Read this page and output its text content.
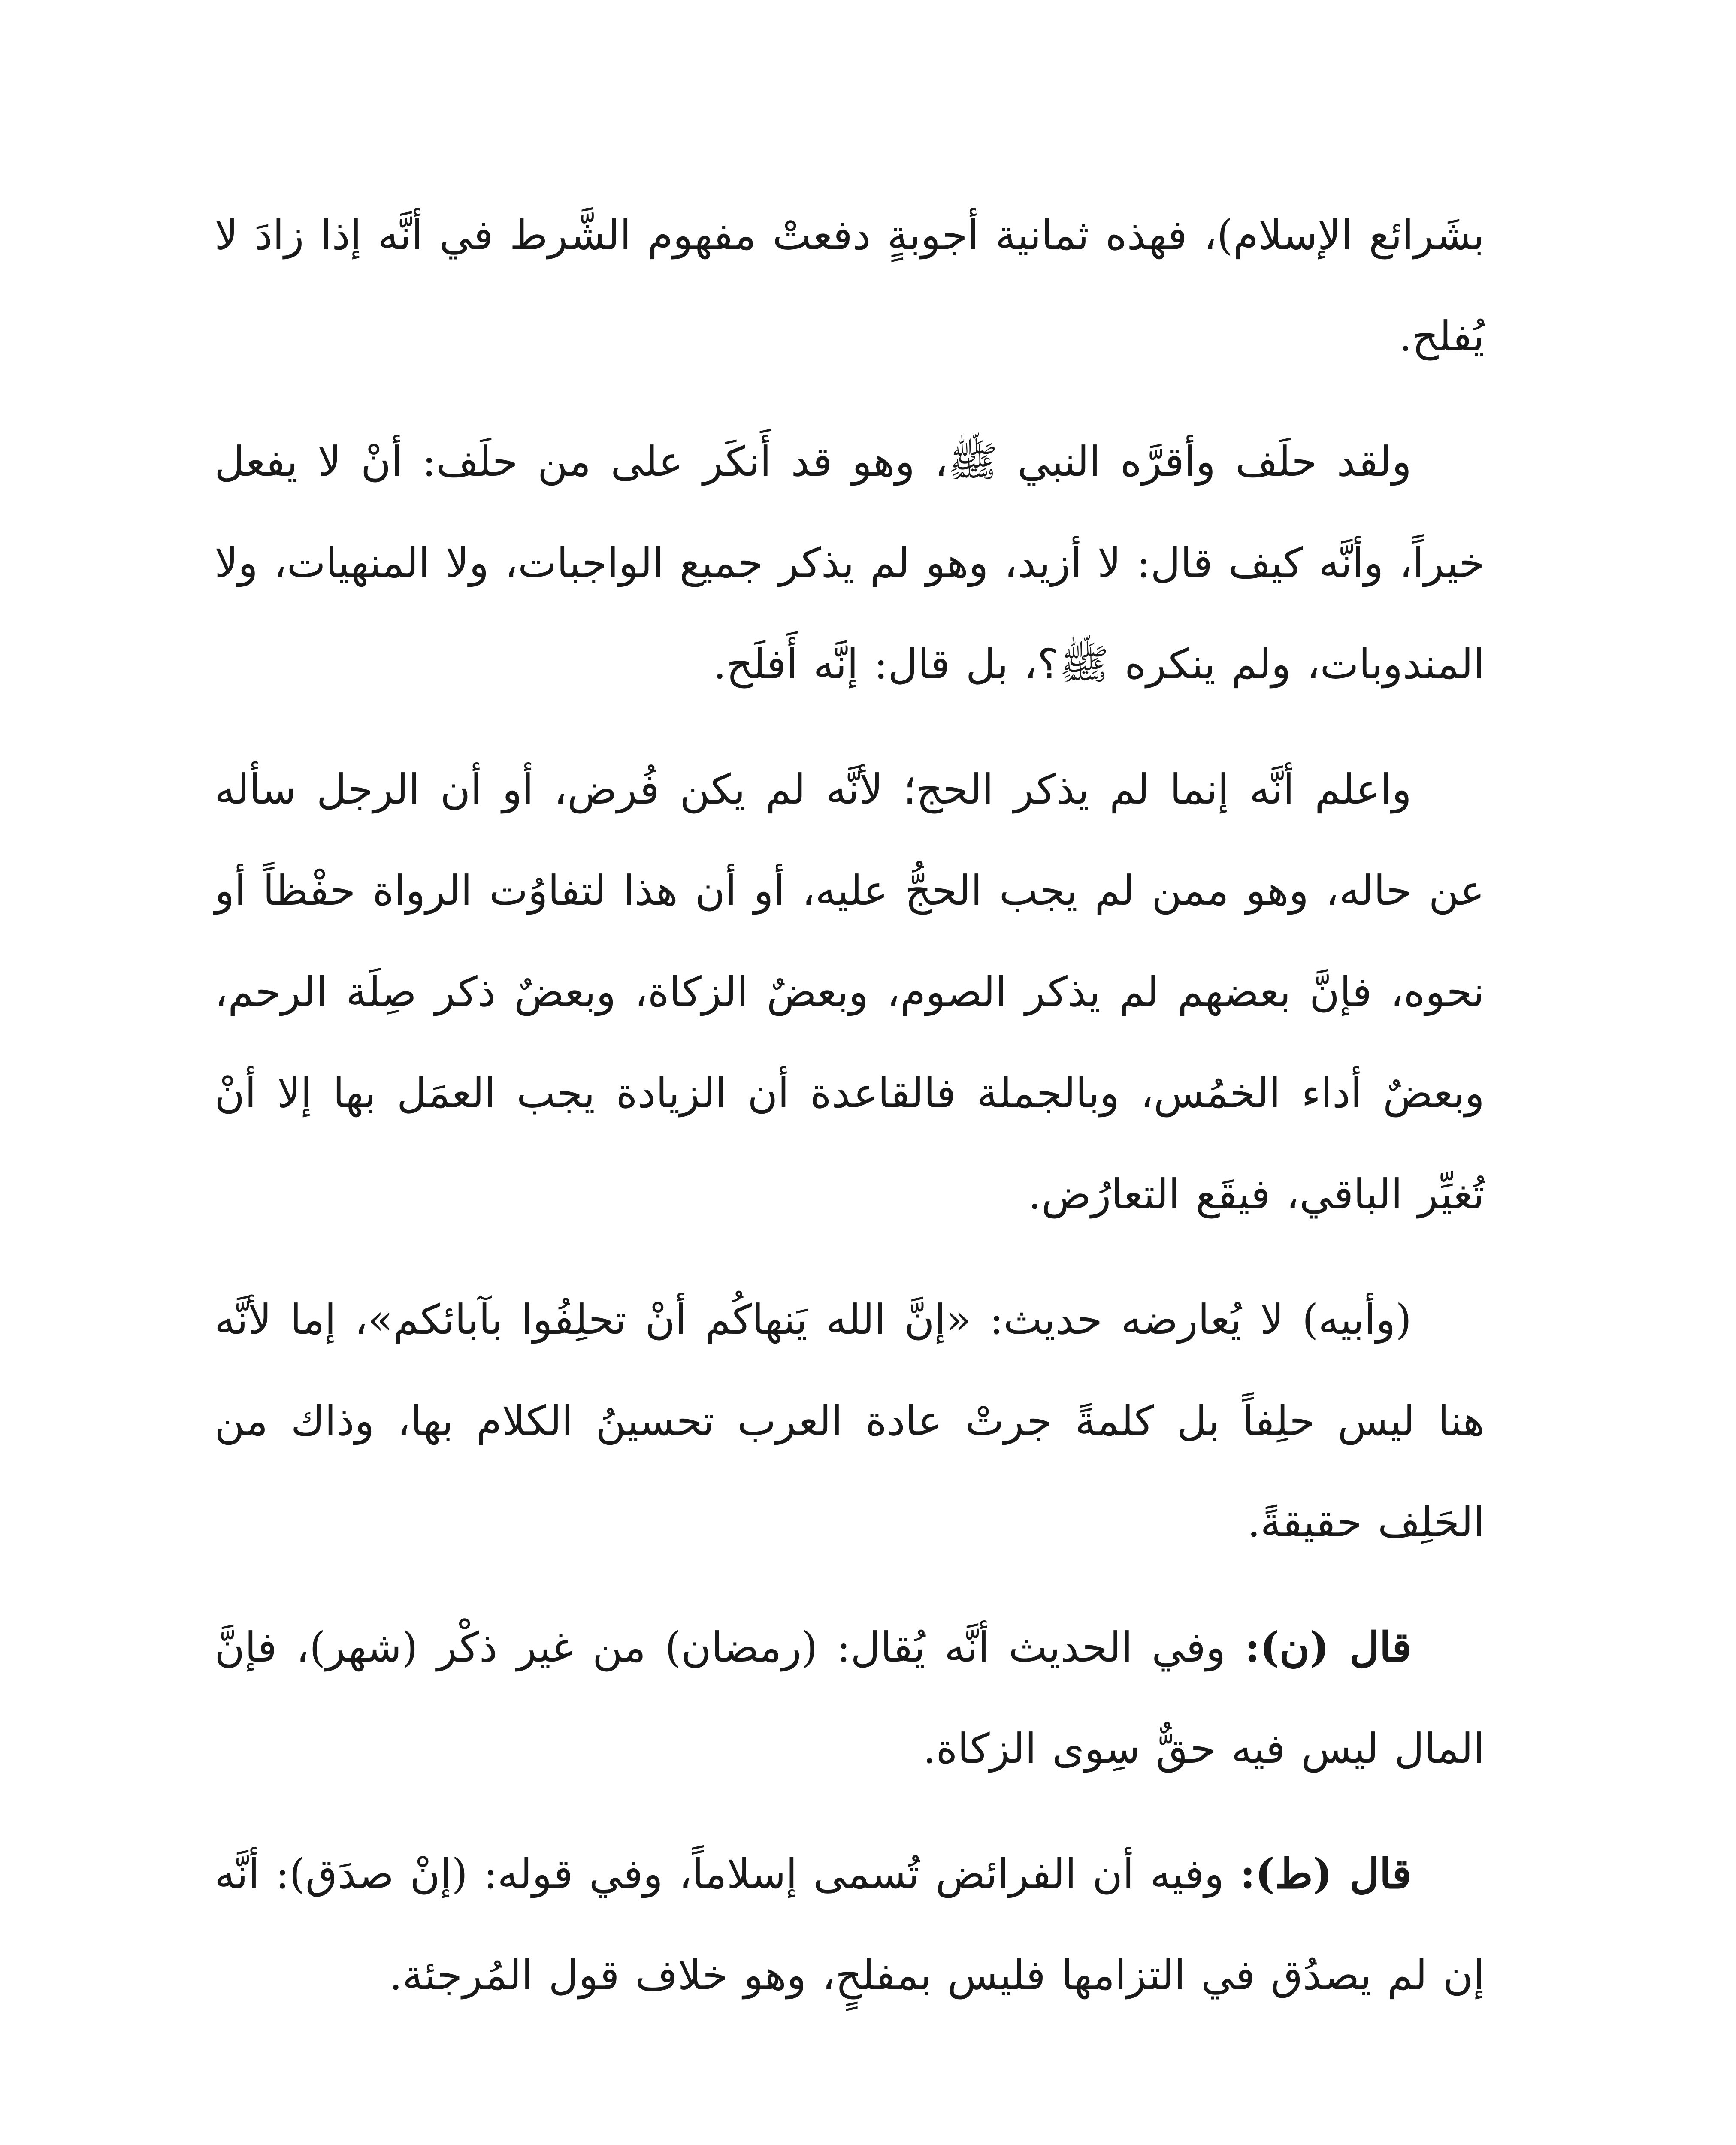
بشَرائع الإسلام)، فهذه ثمانية أجوبةٍ دفعتْ مفهوم الشَّرط في أنَّه إذا زادَ لا يُفلح.

ولقد حلَف وأقرَّه النبي ﷺ، وهو قد أَنكَر على من حلَف: أنْ لا يفعل خيراً، وأنَّه كيف قال: لا أزيد، وهو لم يذكر جميع الواجبات، ولا المنهيات، ولا المندوبات، ولم ينكره ﷺ؟، بل قال: إنَّه أَفلَح.

واعلم أنَّه إنما لم يذكر الحج؛ لأنَّه لم يكن فُرض، أو أن الرجل سأله عن حاله، وهو ممن لم يجب الحجُّ عليه، أو أن هذا لتفاوُت الرواة حفْظاً أو نحوه، فإنَّ بعضهم لم يذكر الصوم، وبعضٌ الزكاة، وبعضٌ ذكر صِلَة الرحم، وبعضٌ أداء الخمُس، وبالجملة فالقاعدة أن الزيادة يجب العمَل بها إلا أنْ تُغيِّر الباقي، فيقَع التعارُض.

(وأبيه) لا يُعارضه حديث: «إنَّ الله يَنهاكُم أنْ تحلِفُوا بآبائكم»، إما لأنَّه هنا ليس حلِفاً بل كلمةً جرتْ عادة العرب تحسينُ الكلام بها، وذاك من الحَلِف حقيقةً.

قال (ن): وفي الحديث أنَّه يُقال: (رمضان) من غير ذكْر (شهر)، فإنَّ المال ليس فيه حقٌّ سِوى الزكاة.

قال (ط): وفيه أن الفرائض تُسمى إسلاماً، وفي قوله: (إنْ صدَق): أنَّه إن لم يصدُق في التزامها فليس بمفلحٍ، وهو خلاف قول المُرجئة.
